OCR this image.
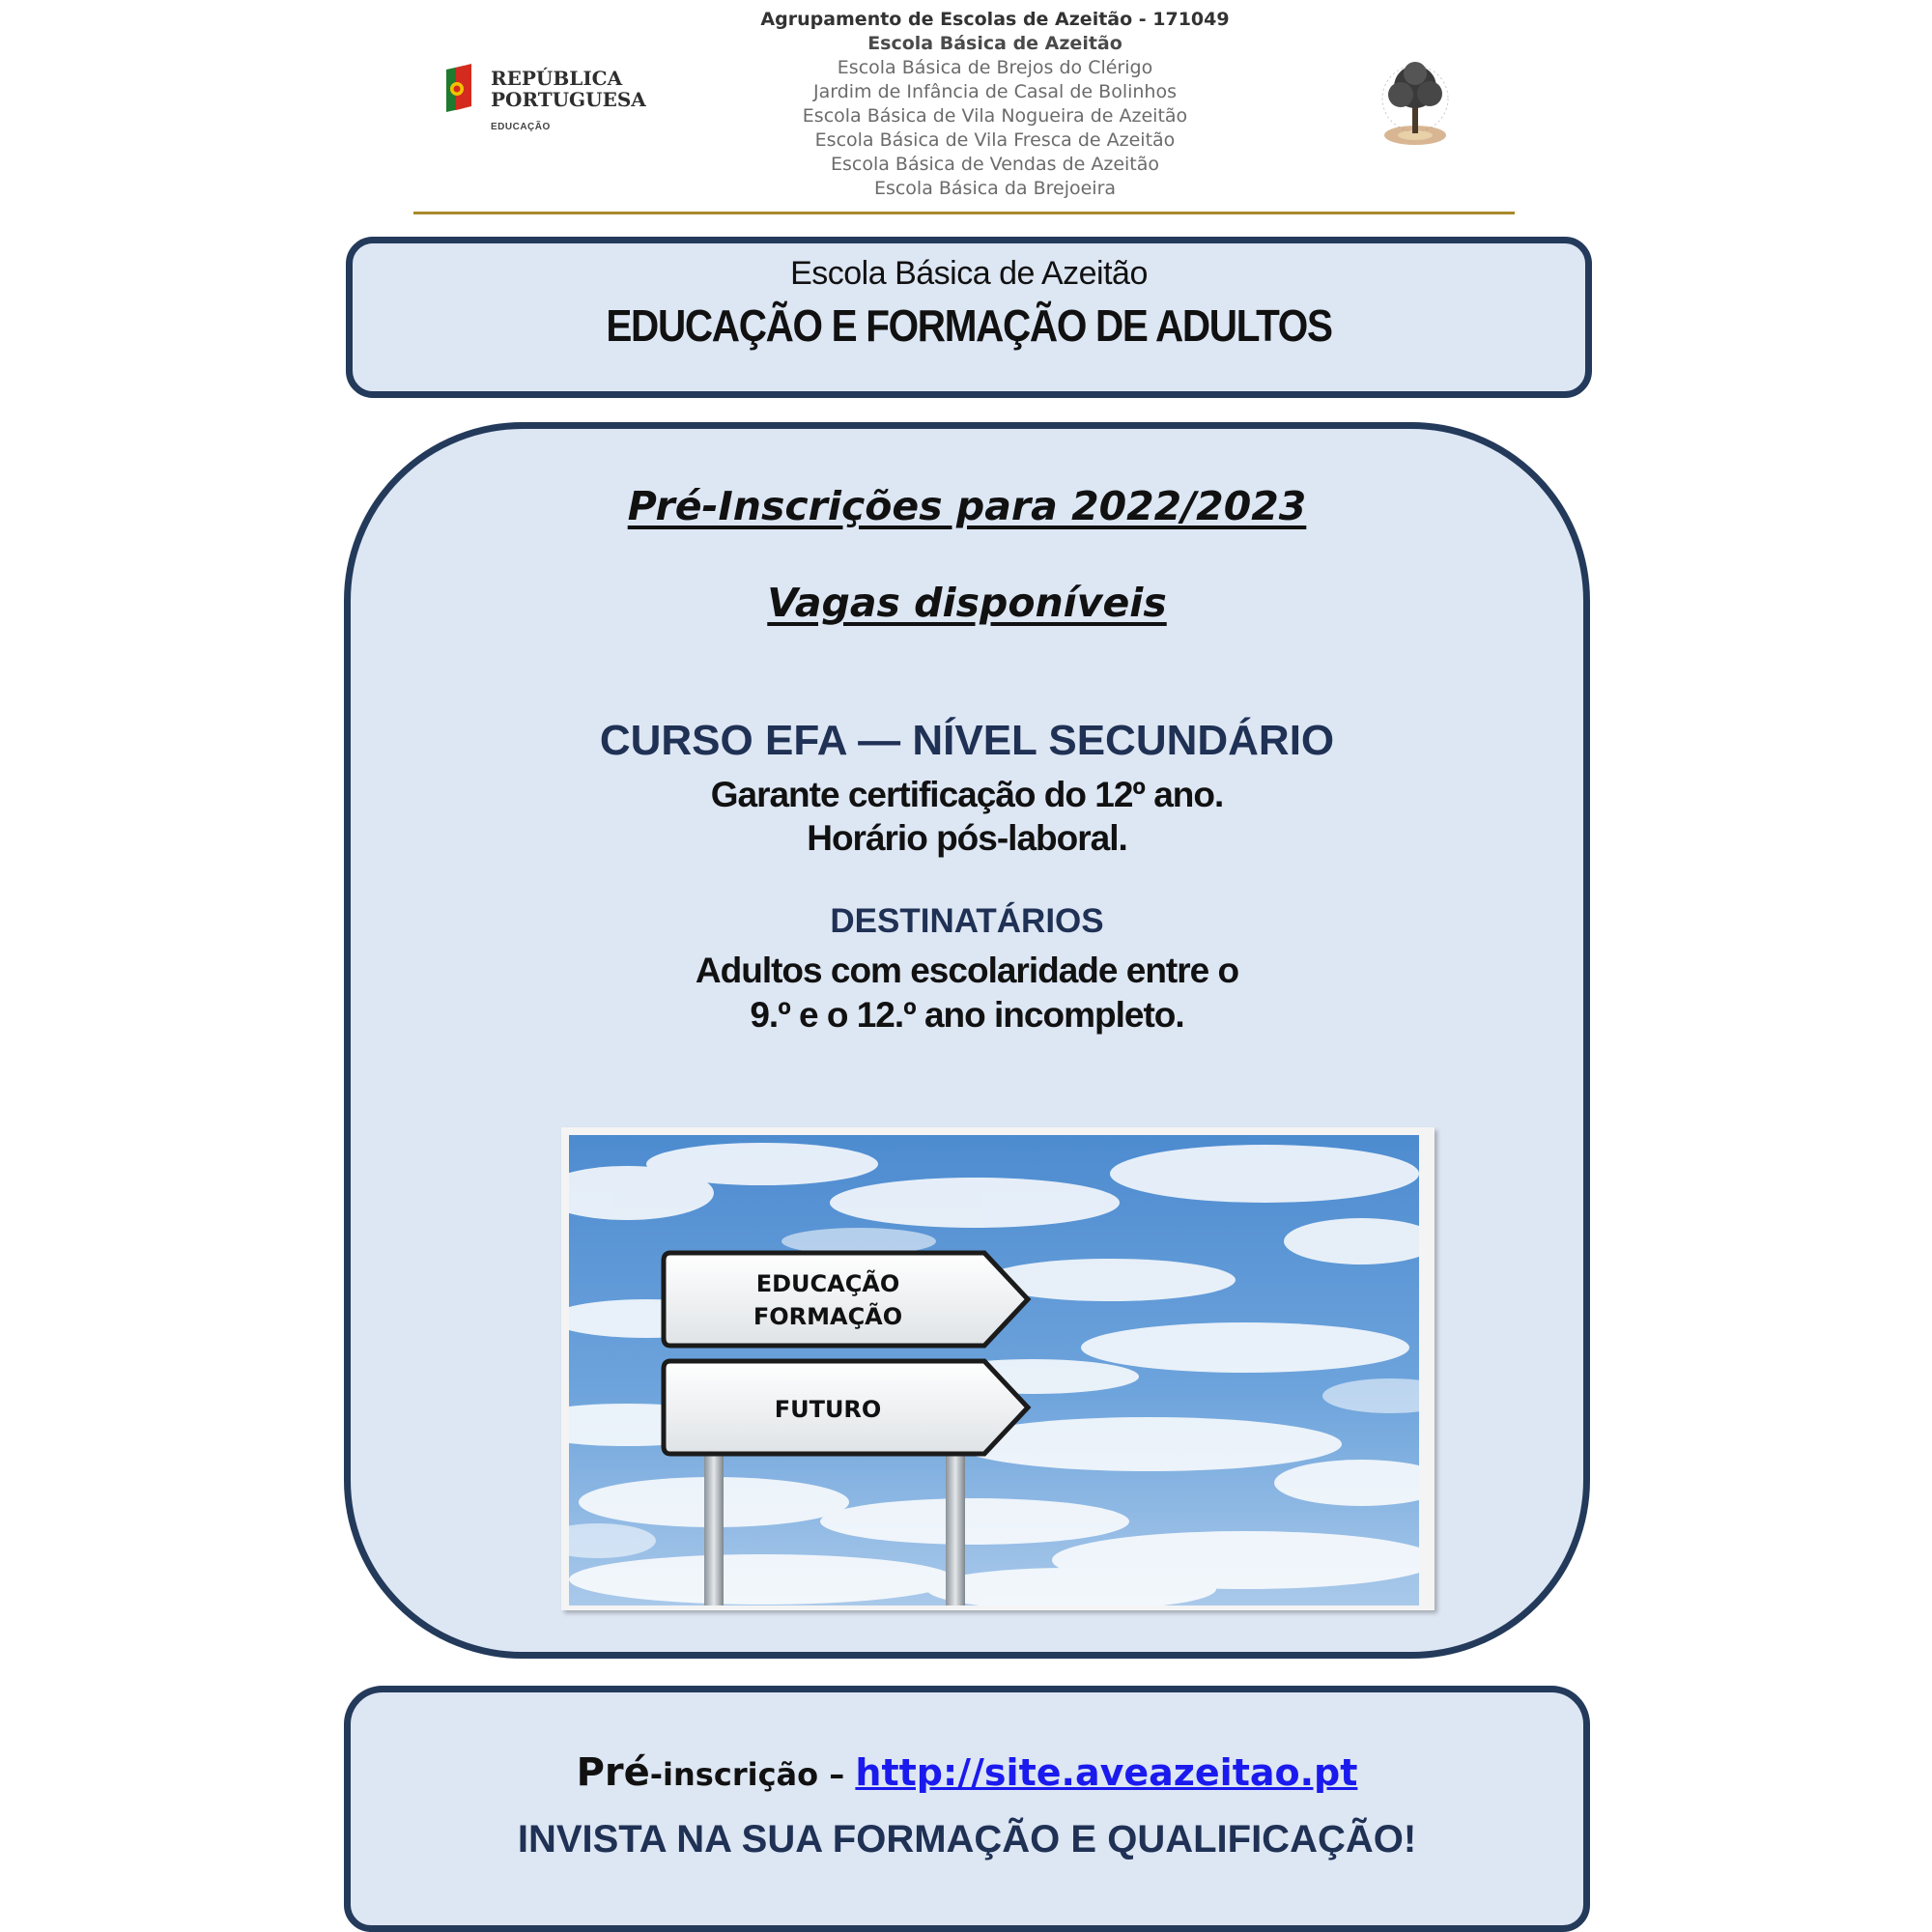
REPÚBLICA
PORTUGUESA
EDUCAÇÃO
Agrupamento de Escolas de Azeitão - 171049
Escola Básica de Azeitão
Escola Básica de Brejos do Clérigo
Jardim de Infância de Casal de Bolinhos
Escola Básica de Vila Nogueira de Azeitão
Escola Básica de Vila Fresca de Azeitão
Escola Básica de Vendas de Azeitão
Escola Básica da Brejoeira
Escola Básica de Azeitão
EDUCAÇÃO E FORMAÇÃO DE ADULTOS
Pré-Inscrições para 2022/2023
Vagas disponíveis
CURSO EFA — NÍVEL SECUNDÁRIO
Garante certificação do 12º ano.
Horário pós-laboral.
DESTINATÁRIOS
Adultos com escolaridade entre o
9.º e o 12.º ano incompleto.
EDUCAÇÃO
FORMAÇÃO
FUTURO
Pré-inscrição – http://site.aveazeitao.pt
INVISTA NA SUA FORMAÇÃO E QUALIFICAÇÃO!
